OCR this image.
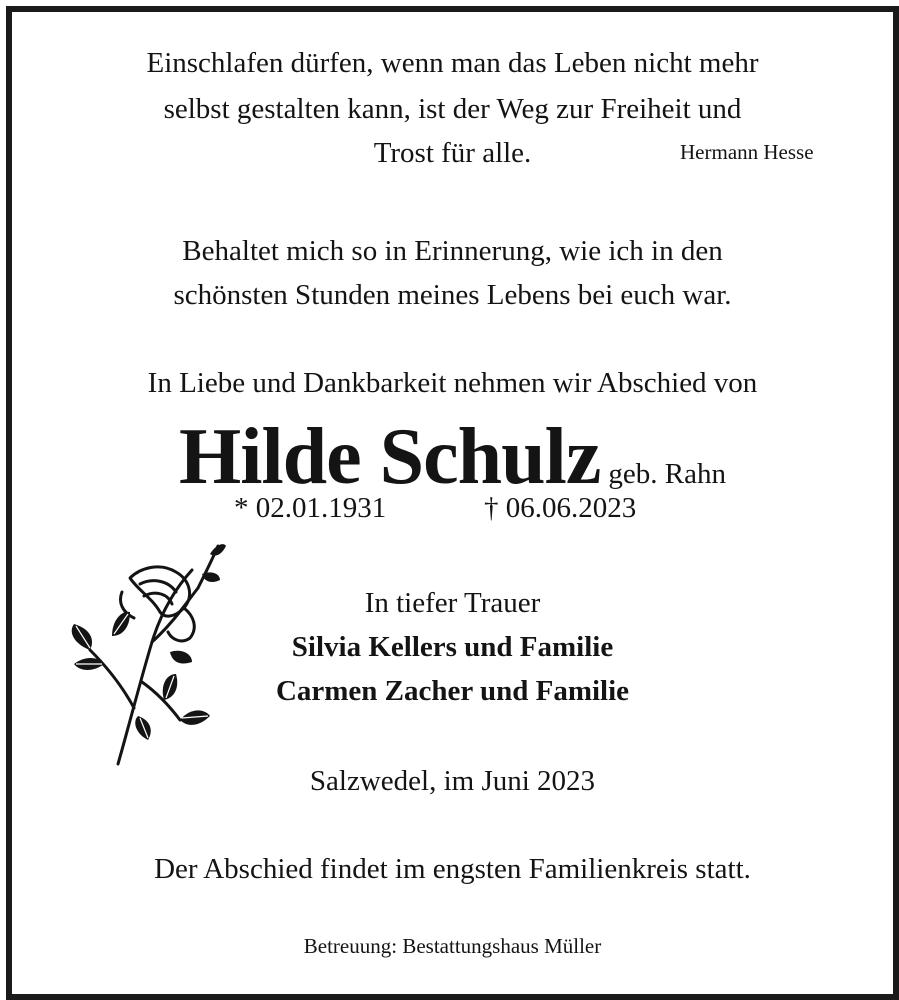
Einschlafen dürfen, wenn man das Leben nicht mehr
selbst gestalten kann, ist der Weg zur Freiheit und
Trost für alle.	Hermann Hesse
Behaltet mich so in Erinnerung, wie ich in den
schönsten Stunden meines Lebens bei euch war.
In Liebe und Dankbarkeit nehmen wir Abschied von
Hilde Schulz geb. Rahn
* 02.01.1931	† 06.06.2023
In tiefer Trauer
Silvia Kellers und Familie
Carmen Zacher und Familie
Salzwedel, im Juni 2023
Der Abschied findet im engsten Familienkreis statt.
Betreuung: Bestattungshaus Müller
